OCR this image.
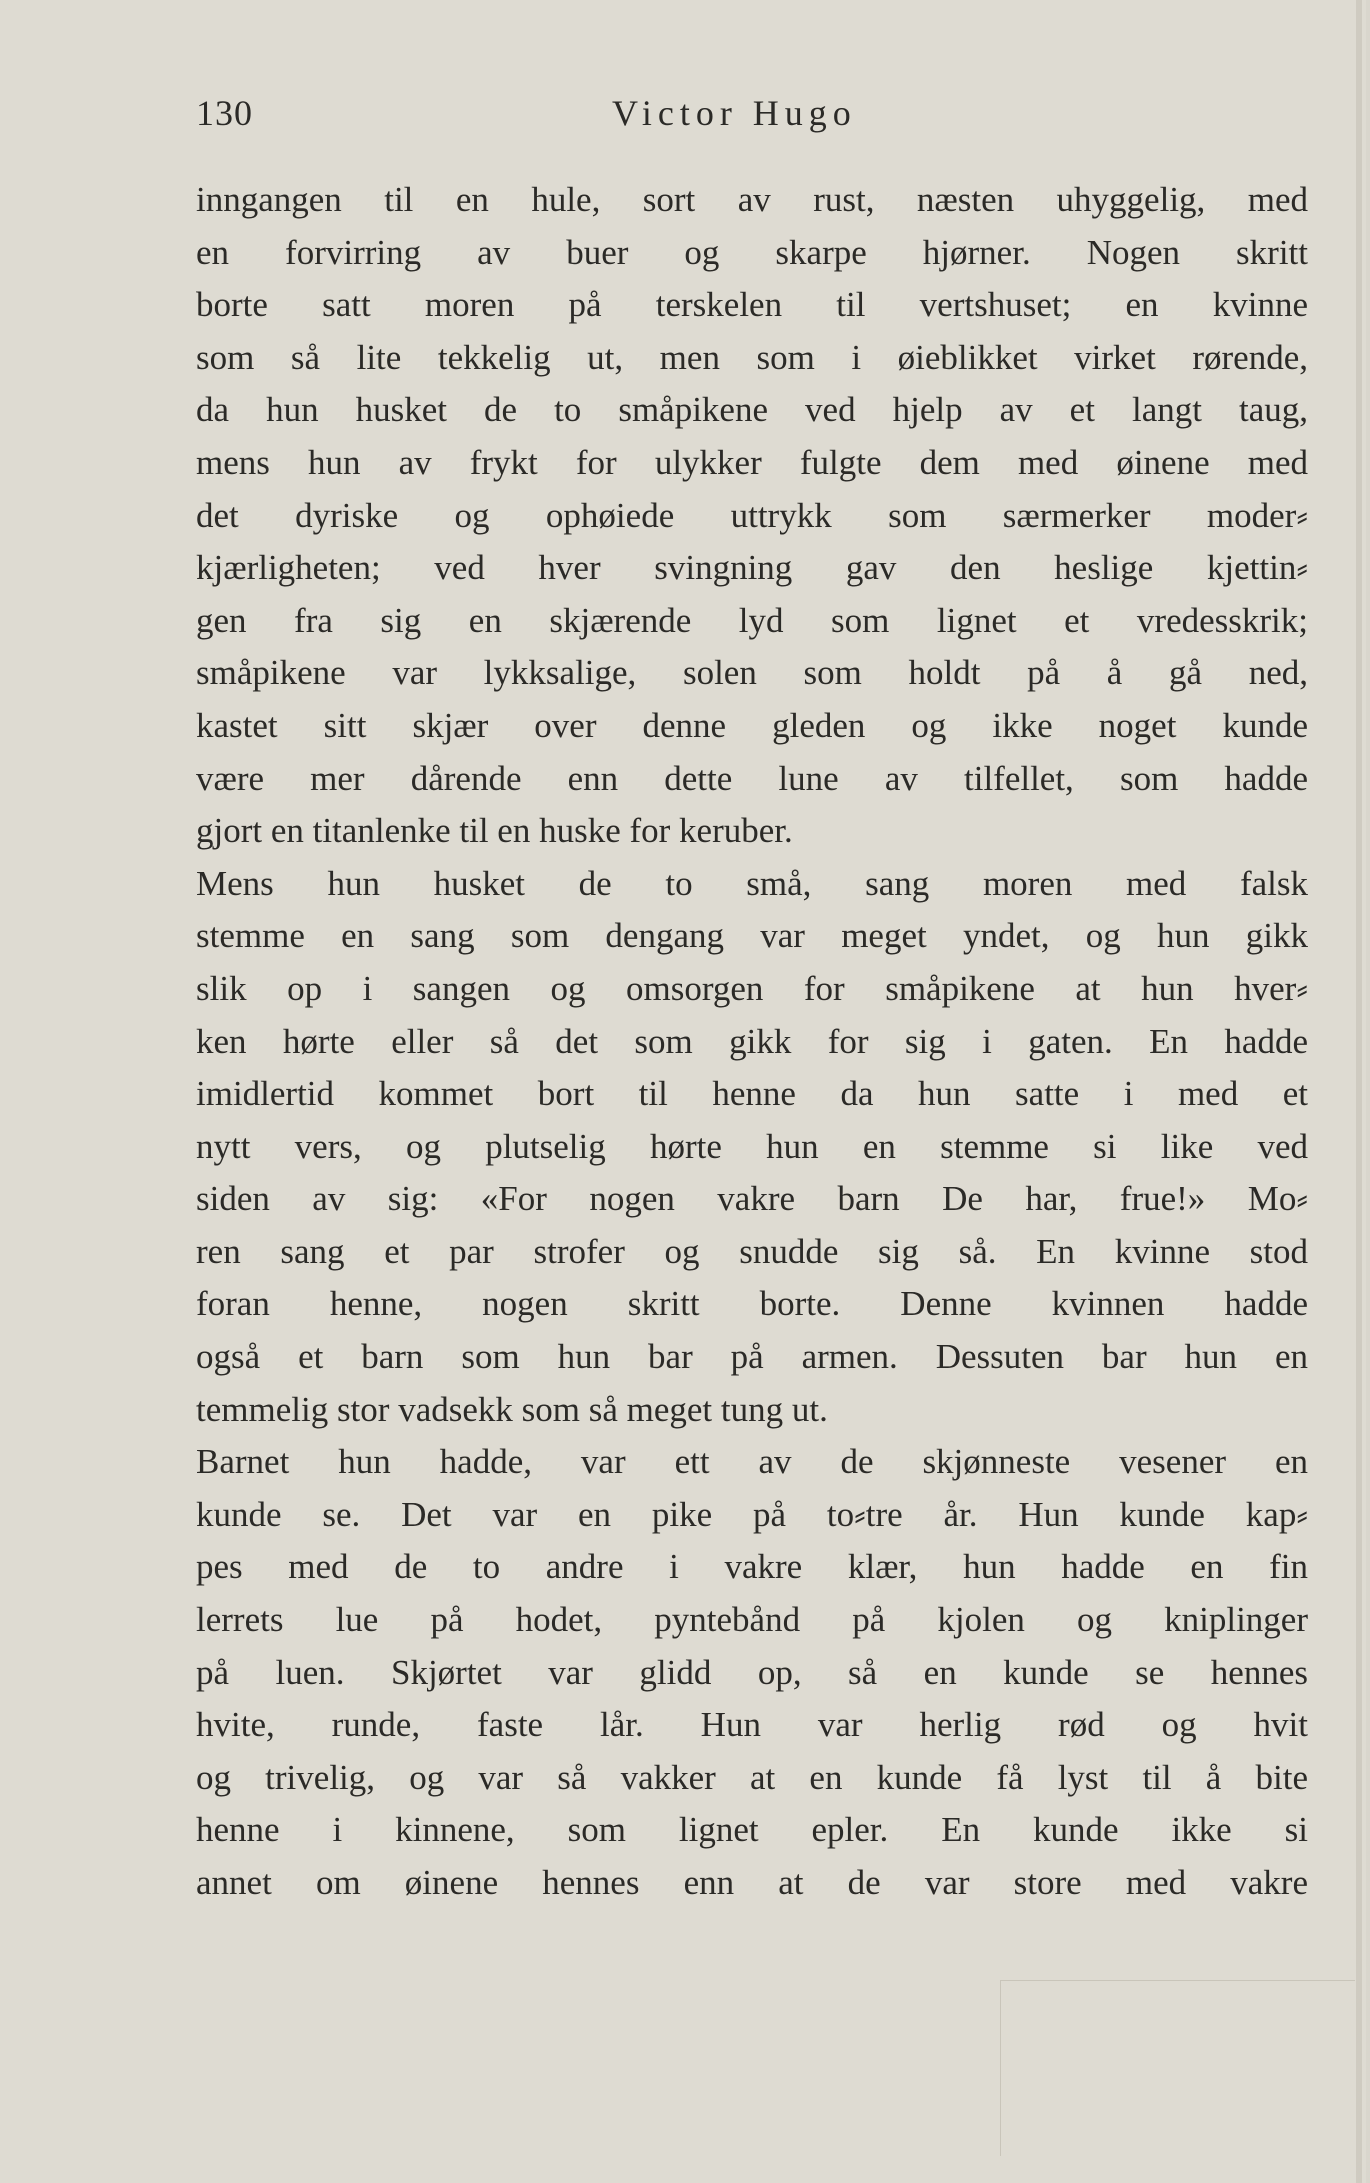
130	Victor Hugo
inngangen til en hule, sort av rust, næsten uhyggelig, med
en forvirring av buer og skarpe hjørner. Nogen skritt
borte satt moren på terskelen til vertshuset; en kvinne
som så lite tekkelig ut, men som i øieblikket virket rørende,
da hun husket de to småpikene ved hjelp av et langt taug,
mens hun av frykt for ulykker fulgte dem med øinene med
det dyriske og ophøiede uttrykk som særmerker moder⸗
kjærligheten; ved hver svingning gav den heslige kjettin⸗
gen fra sig en skjærende lyd som lignet et vredesskrik;
småpikene var lykksalige, solen som holdt på å gå ned,
kastet sitt skjær over denne gleden og ikke noget kunde
være mer dårende enn dette lune av tilfellet, som hadde
gjort en titanlenke til en huske for keruber.
Mens hun husket de to små, sang moren med falsk
stemme en sang som dengang var meget yndet, og hun gikk
slik op i sangen og omsorgen for småpikene at hun hver⸗
ken hørte eller så det som gikk for sig i gaten. En hadde
imidlertid kommet bort til henne da hun satte i med et
nytt vers, og plutselig hørte hun en stemme si like ved
siden av sig: «For nogen vakre barn De har, frue!» Mo⸗
ren sang et par strofer og snudde sig så. En kvinne stod
foran henne, nogen skritt borte. Denne kvinnen hadde
også et barn som hun bar på armen. Dessuten bar hun en
temmelig stor vadsekk som så meget tung ut.
Barnet hun hadde, var ett av de skjønneste vesener en
kunde se. Det var en pike på to⸗tre år. Hun kunde kap⸗
pes med de to andre i vakre klær, hun hadde en fin
lerrets lue på hodet, pyntebånd på kjolen og kniplinger
på luen. Skjørtet var glidd op, så en kunde se hennes
hvite, runde, faste lår. Hun var herlig rød og hvit
og trivelig, og var så vakker at en kunde få lyst til å bite
henne i kinnene, som lignet epler. En kunde ikke si
annet om øinene hennes enn at de var store med vakre
